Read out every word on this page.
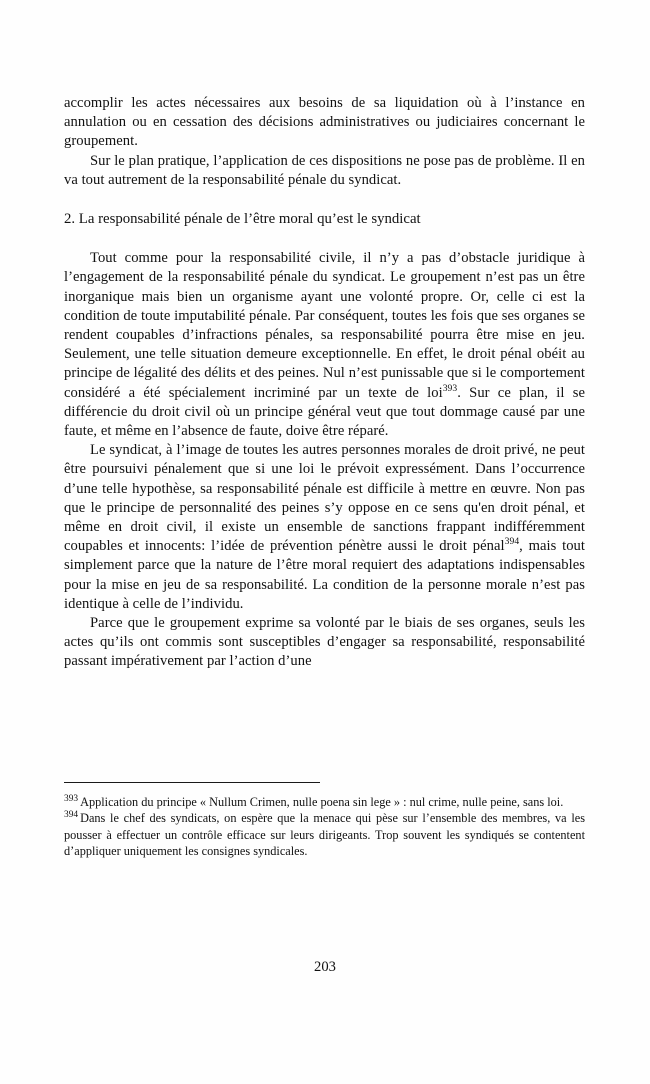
accomplir les actes nécessaires aux besoins de sa liquidation où à l’instance en annulation ou en cessation des décisions administratives ou judiciaires concernant le groupement.

Sur le plan pratique, l’application de ces dispositions ne pose pas de problème. Il en va tout autrement de la responsabilité pénale du syndicat.

2. La responsabilité pénale de l’être moral qu’est le syndicat

Tout comme pour la responsabilité civile, il n’y a pas d’obstacle juridique à l’engagement de la responsabilité pénale du syndicat. Le groupement n’est pas un être inorganique mais bien un organisme ayant une volonté propre. Or, celle ci est la condition de toute imputabilité pénale. Par conséquent, toutes les fois que ses organes se rendent coupables d’infractions pénales, sa responsabilité pourra être mise en jeu. Seulement, une telle situation demeure exceptionnelle. En effet, le droit pénal obéit au principe de légalité des délits et des peines. Nul n’est punissable que si le comportement considéré a été spécialement incriminé par un texte de loi$^{393}$. Sur ce plan, il se différencie du droit civil où un principe général veut que tout dommage causé par une faute, et même en l’absence de faute, doive être réparé.

Le syndicat, à l’image de toutes les autres personnes morales de droit privé, ne peut être poursuivi pénalement que si une loi le prévoit expressément. Dans l’occurrence d’une telle hypothèse, sa responsabilité pénale est difficile à mettre en œuvre. Non pas que le principe de personnalité des peines s’y oppose en ce sens qu'en droit pénal, et même en droit civil, il existe un ensemble de sanctions frappant indifféremment coupables et innocents: l’idée de prévention pénètre aussi le droit pénal$^{394}$, mais tout simplement parce que la nature de l’être moral requiert des adaptations indispensables pour la mise en jeu de sa responsabilité. La condition de la personne morale n’est pas identique à celle de l’individu.

Parce que le groupement exprime sa volonté par le biais de ses organes, seuls les actes qu’ils ont commis sont susceptibles d’engager sa responsabilité, responsabilité passant impérativement par l’action d’une

$^{393}$ Application du principe « Nullum Crimen, nulle poena sin lege » : nul crime, nulle peine, sans loi.

$^{394}$ Dans le chef des syndicats, on espère que la menace qui pèse sur l’ensemble des membres, va les pousser à effectuer un contrôle efficace sur leurs dirigeants. Trop souvent les syndiqués se contentent d’appliquer uniquement les consignes syndicales.

203
